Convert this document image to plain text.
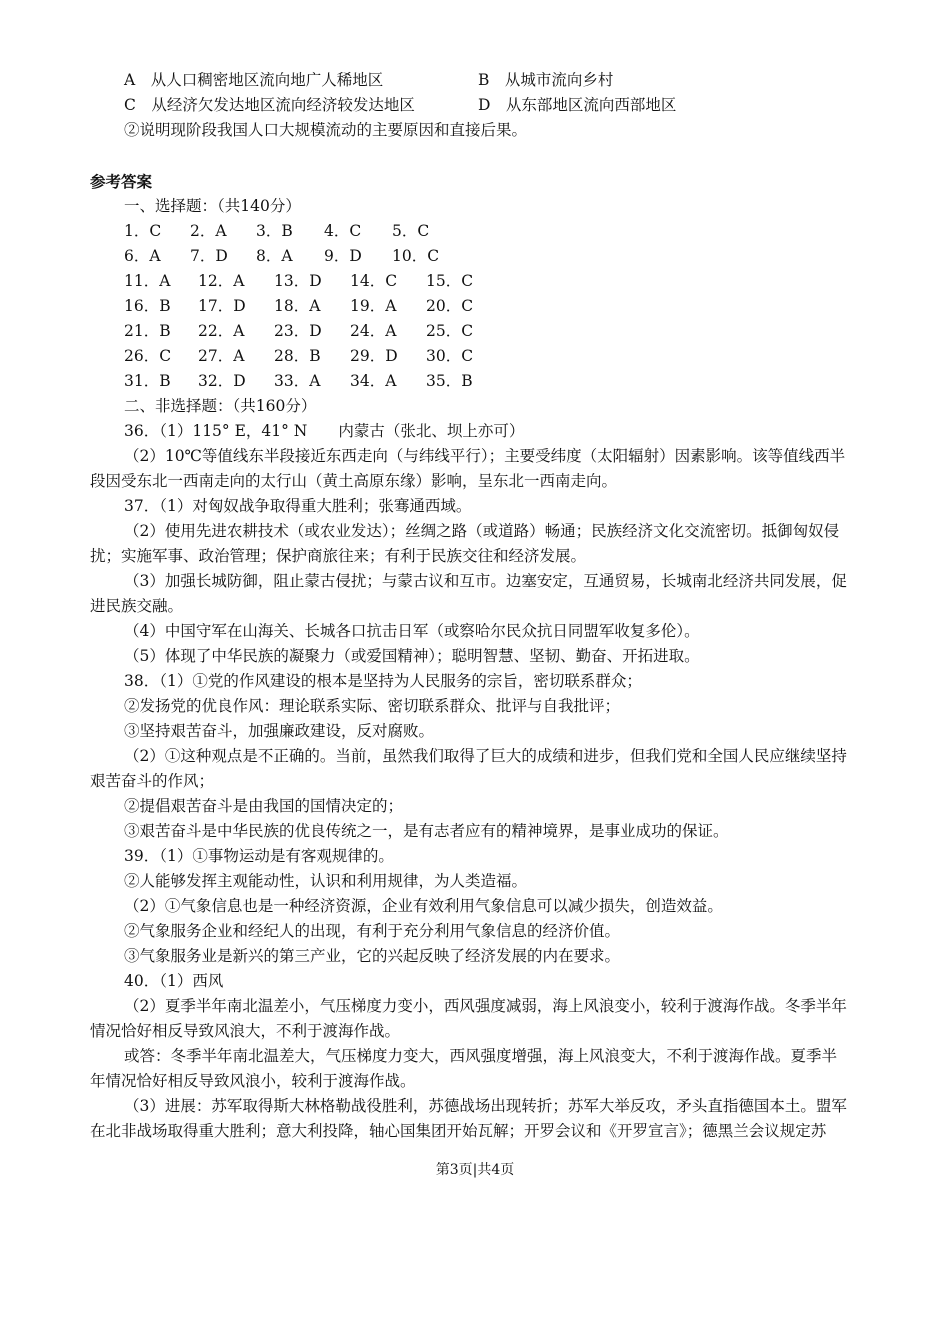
A　从人口稠密地区流向地广人稀地区	B　从城市流向乡村
C　从经济欠发达地区流向经济较发达地区	D　从东部地区流向西部地区
②说明现阶段我国人口大规模流动的主要原因和直接后果。
参考答案
一、选择题：（共140分）
1．C 2．A 3．B 4．C 5．C
6．A 7．D 8．A 9．D 10．C
11．A 12．A 13．D 14．C 15．C
16．B 17．D 18．A 19．A 20．C
21．B 22．A 23．D 24．A 25．C
26．C 27．A 28．B 29．D 30．C
31．B 32．D 33．A 34．A 35．B
二、非选择题：（共160分）
36．（1）115° E，41° N　　内蒙古（张北、坝上亦可）
（2）10℃等值线东半段接近东西走向（与纬线平行）；主要受纬度（太阳辐射）因素影响。该等值线西半
段因受东北一西南走向的太行山（黄土高原东缘）影响，呈东北一西南走向。
37．（1）对匈奴战争取得重大胜利；张骞通西域。
（2）使用先进农耕技术（或农业发达）；丝绸之路（或道路）畅通；民族经济文化交流密切。抵御匈奴侵
扰；实施军事、政治管理；保护商旅往来；有利于民族交往和经济发展。
（3）加强长城防御，阻止蒙古侵扰；与蒙古议和互市。边塞安定，互通贸易，长城南北经济共同发展，促
进民族交融。
（4）中国守军在山海关、长城各口抗击日军（或察哈尔民众抗日同盟军收复多伦）。
（5）体现了中华民族的凝聚力（或爱国精神）；聪明智慧、坚韧、勤奋、开拓进取。
38．（1）①党的作风建设的根本是坚持为人民服务的宗旨，密切联系群众；
②发扬党的优良作风：理论联系实际、密切联系群众、批评与自我批评；
③坚持艰苦奋斗，加强廉政建设，反对腐败。
（2）①这种观点是不正确的。当前，虽然我们取得了巨大的成绩和进步，但我们党和全国人民应继续坚持
艰苦奋斗的作风；
②提倡艰苦奋斗是由我国的国情决定的；
③艰苦奋斗是中华民族的优良传统之一，是有志者应有的精神境界，是事业成功的保证。
39．（1）①事物运动是有客观规律的。
②人能够发挥主观能动性，认识和利用规律，为人类造福。
（2）①气象信息也是一种经济资源，企业有效利用气象信息可以减少损失，创造效益。
②气象服务企业和经纪人的出现，有利于充分利用气象信息的经济价值。
③气象服务业是新兴的第三产业，它的兴起反映了经济发展的内在要求。
40．（1）西风
（2）夏季半年南北温差小，气压梯度力变小，西风强度减弱，海上风浪变小，较利于渡海作战。冬季半年
情况恰好相反导致风浪大，不利于渡海作战。
或答：冬季半年南北温差大，气压梯度力变大，西风强度增强，海上风浪变大，不利于渡海作战。夏季半
年情况恰好相反导致风浪小，较利于渡海作战。
（3）进展：苏军取得斯大林格勒战役胜利，苏德战场出现转折；苏军大举反攻，矛头直指德国本土。盟军
在北非战场取得重大胜利；意大利投降，轴心国集团开始瓦解；开罗会议和《开罗宣言》；德黑兰会议规定苏
第3页|共4页
